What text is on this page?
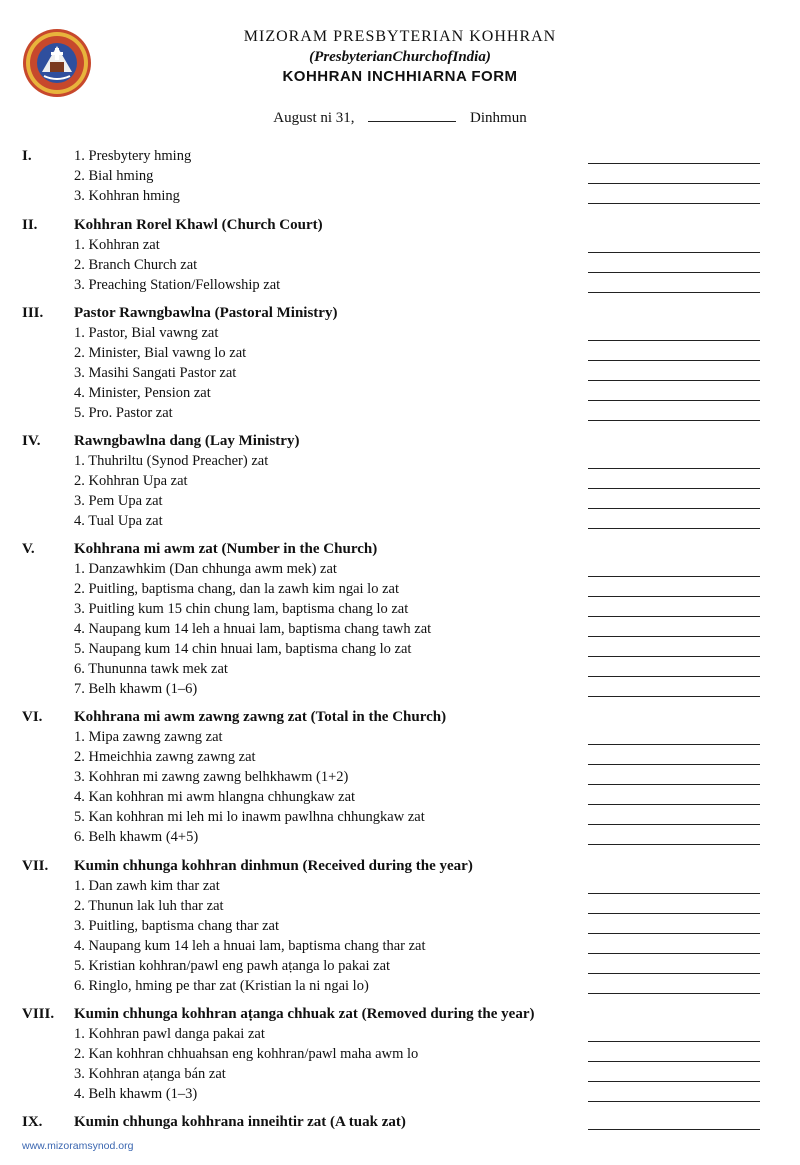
MIZORAM PRESBYTERIAN KOHHRAN
(PresbyterianChurchofIndia)
KOHHRAN INCHHIARNA FORM
August ni 31,	Dinhmun
I.	1. Presbytery hming
2. Bial hming
3. Kohhran hming
II. Kohhran Rorel Khawl (Church Court)
1. Kohhran zat
2. Branch Church zat
3. Preaching Station/Fellowship zat
III. Pastor Rawngbawlna (Pastoral Ministry)
1. Pastor, Bial vawng zat
2. Minister, Bial vawng lo zat
3. Masihi Sangati Pastor zat
4. Minister, Pension zat
5. Pro. Pastor zat
IV. Rawngbawlna dang (Lay Ministry)
1. Thuhriltu (Synod Preacher) zat
2. Kohhran Upa zat
3. Pem Upa zat
4. Tual Upa zat
V.	Kohhrana mi awm zat (Number in the Church)
1. Danzawhkim (Dan chhunga awm mek) zat
2. Puitling, baptisma chang, dan la zawh kim ngai lo zat
3. Puitling kum 15 chin chung lam, baptisma chang lo zat
4. Naupang kum 14 leh a hnuai lam, baptisma chang tawh zat
5. Naupang kum 14 chin hnuai lam, baptisma chang lo zat
6. Thununna tawk mek zat
7. Belh khawm (1–6)
VI. Kohhrana mi awm zawng zawng zat (Total in the Church)
1. Mipa zawng zawng zat
2. Hmeichhia zawng zawng zat
3. Kohhran mi zawng zawng belhkhawm (1+2)
4. Kan kohhran mi awm hlangna chhungkaw zat
5. Kan kohhran mi leh mi lo inawm pawlhna chhungkaw zat
6. Belh khawm (4+5)
VII. Kumin chhunga kohhran dinhmun (Received during the year)
1. Dan zawh kim thar zat
2. Thunun lak luh thar zat
3. Puitling, baptisma chang thar zat
4. Naupang kum 14 leh a hnuai lam, baptisma chang thar zat
5. Kristian kohhran/pawl eng pawh aṭanga lo pakai zat
6. Ringlo, hming pe thar zat (Kristian la ni ngai lo)
VIII. Kumin chhunga kohhran aṭanga chhuak zat (Removed during the year)
1. Kohhran pawl danga pakai zat
2. Kan kohhran chhuahsan eng kohhran/pawl maha awm lo
3. Kohhran aṭanga bán zat
4. Belh khawm (1–3)
IX. Kumin chhunga kohhrana inneihtir zat (A tuak zat)
www.mizoramsynod.org
